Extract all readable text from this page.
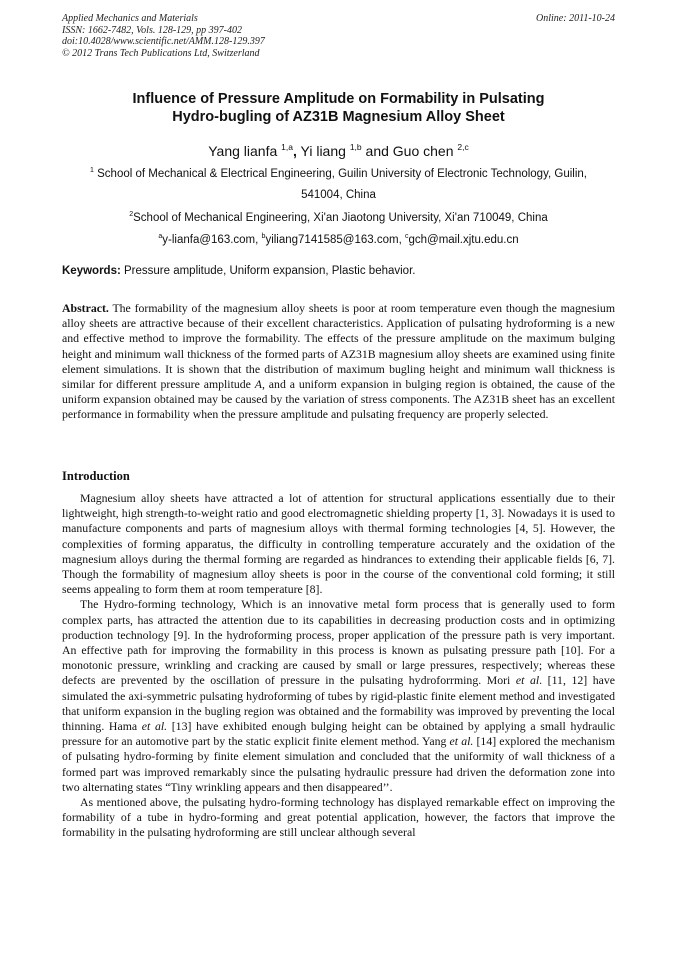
Applied Mechanics and Materials
ISSN: 1662-7482, Vols. 128-129, pp 397-402
doi:10.4028/www.scientific.net/AMM.128-129.397
© 2012 Trans Tech Publications Ltd, Switzerland
Online: 2011-10-24
Influence of Pressure Amplitude on Formability in Pulsating
Hydro-bugling of AZ31B Magnesium Alloy Sheet
Yang lianfa $^{1,a}$, Yi liang $^{1,b}$ and Guo chen $^{2,c}$
$^1$ School of Mechanical & Electrical Engineering, Guilin University of Electronic Technology, Guilin,
541004, China
$^2$School of Mechanical Engineering, Xi'an Jiaotong University, Xi'an 710049, China
$^a$y-lianfa@163.com, $^b$yiliang7141585@163.com, $^c$gch@mail.xjtu.edu.cn
Keywords: Pressure amplitude, Uniform expansion, Plastic behavior.

Abstract. The formability of the magnesium alloy sheets is poor at room temperature even though the magnesium alloy sheets are attractive because of their excellent characteristics. Application of pulsating hydroforming is a new and effective method to improve the formability. The effects of the pressure amplitude on the maximum bulging height and minimum wall thickness of the formed parts of AZ31B magnesium alloy sheets are examined using finite element simulations. It is shown that the distribution of maximum bugling height and minimum wall thickness is similar for different pressure amplitude A, and a uniform expansion in bulging region is obtained, the cause of the uniform expansion obtained may be caused by the variation of stress components. The AZ31B sheet has an excellent performance in formability when the pressure amplitude and pulsating frequency are properly selected.

Introduction

Magnesium alloy sheets have attracted a lot of attention for structural applications essentially due to their lightweight, high strength-to-weight ratio and good electromagnetic shielding property [1, 3]. Nowadays it is used to manufacture components and parts of magnesium alloys with thermal forming technologies [4, 5]. However, the complexities of forming apparatus, the difficulty in controlling temperature accurately and the oxidation of the magnesium alloys during the thermal forming are regarded as hindrances to extending their applicable fields [6, 7]. Though the formability of magnesium alloy sheets is poor in the course of the conventional cold forming; it still seems appealing to form them at room temperature [8].

The Hydro-forming technology, Which is an innovative metal form process that is generally used to form complex parts, has attracted the attention due to its capabilities in decreasing production costs and in optimizing production technology [9]. In the hydroforming process, proper application of the pressure path is very important. An effective path for improving the formability in this process is known as pulsating pressure path [10]. For a monotonic pressure, wrinkling and cracking are caused by small or large pressures, respectively; whereas these defects are prevented by the oscillation of pressure in the pulsating hydroforrming. Mori et al. [11, 12] have simulated the axi-symmetric pulsating hydroforming of tubes by rigid-plastic finite element method and investigated that uniform expansion in the bugling region was obtained and the formability was improved by preventing the local thinning. Hama et al. [13] have exhibited enough bulging height can be obtained by applying a small hydraulic pressure for an automotive part by the static explicit finite element method. Yang et al. [14] explored the mechanism of pulsating hydro-forming by finite element simulation and concluded that the uniformity of wall thickness of a formed part was improved remarkably since the pulsating hydraulic pressure had driven the deformation zone into two alternating states “Tiny wrinkling appears and then disappeared’’.

As mentioned above, the pulsating hydro-forming technology has displayed remarkable effect on improving the formability of a tube in hydro-forming and great potential application, however, the factors that improve the formability in the pulsating hydroforming are still unclear although several
